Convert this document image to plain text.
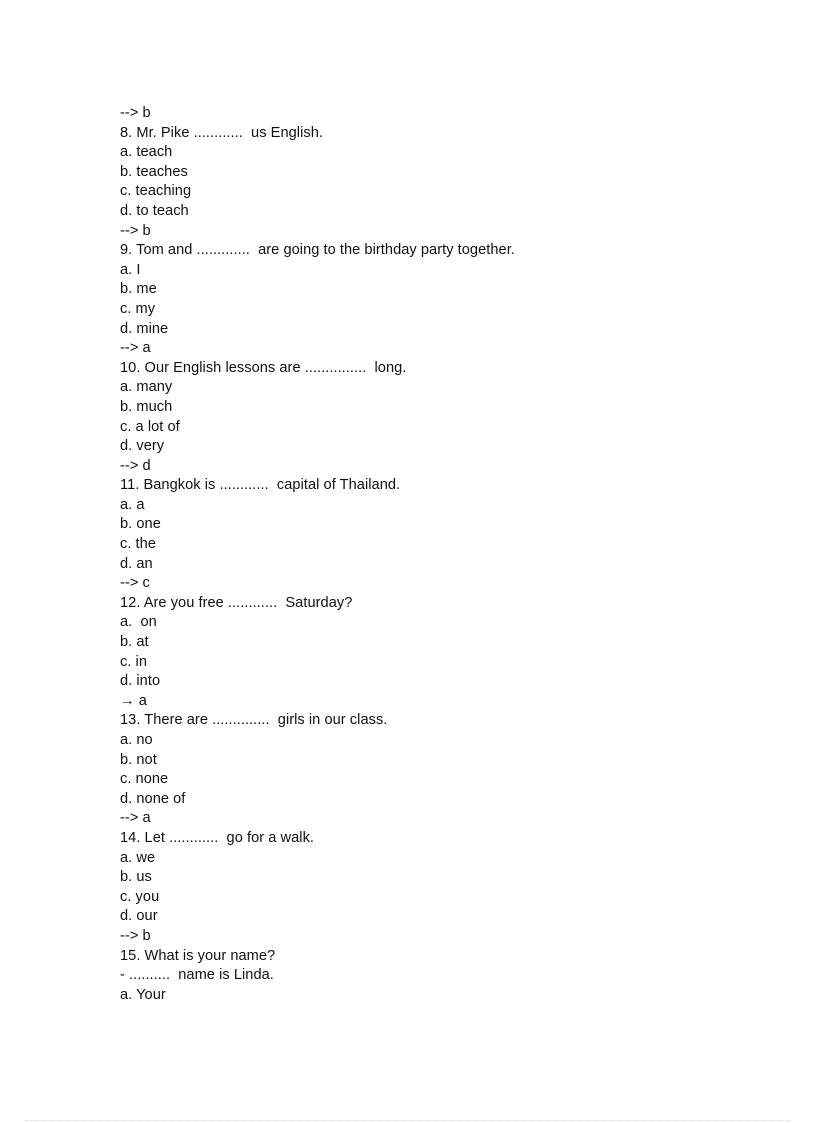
--> b
8. Mr. Pike ............  us English.
a. teach
b. teaches
c. teaching
d. to teach
--> b
9. Tom and .............  are going to the birthday party together.
a. I
b. me
c. my
d. mine
--> a
10. Our English lessons are ...............  long.
a. many
b. much
c. a lot of
d. very
--> d
11. Bangkok is ............  capital of Thailand.
a. a
b. one
c. the
d. an
--> c
12. Are you free ............  Saturday?
a.  on
b. at
c. in
d. into
→ a
13. There are ..............  girls in our class.
a. no
b. not
c. none
d. none of
--> a
14. Let ............  go for a walk.
a. we
b. us
c. you
d. our
--> b
15. What is your name?
- ..........  name is Linda.
a. Your
